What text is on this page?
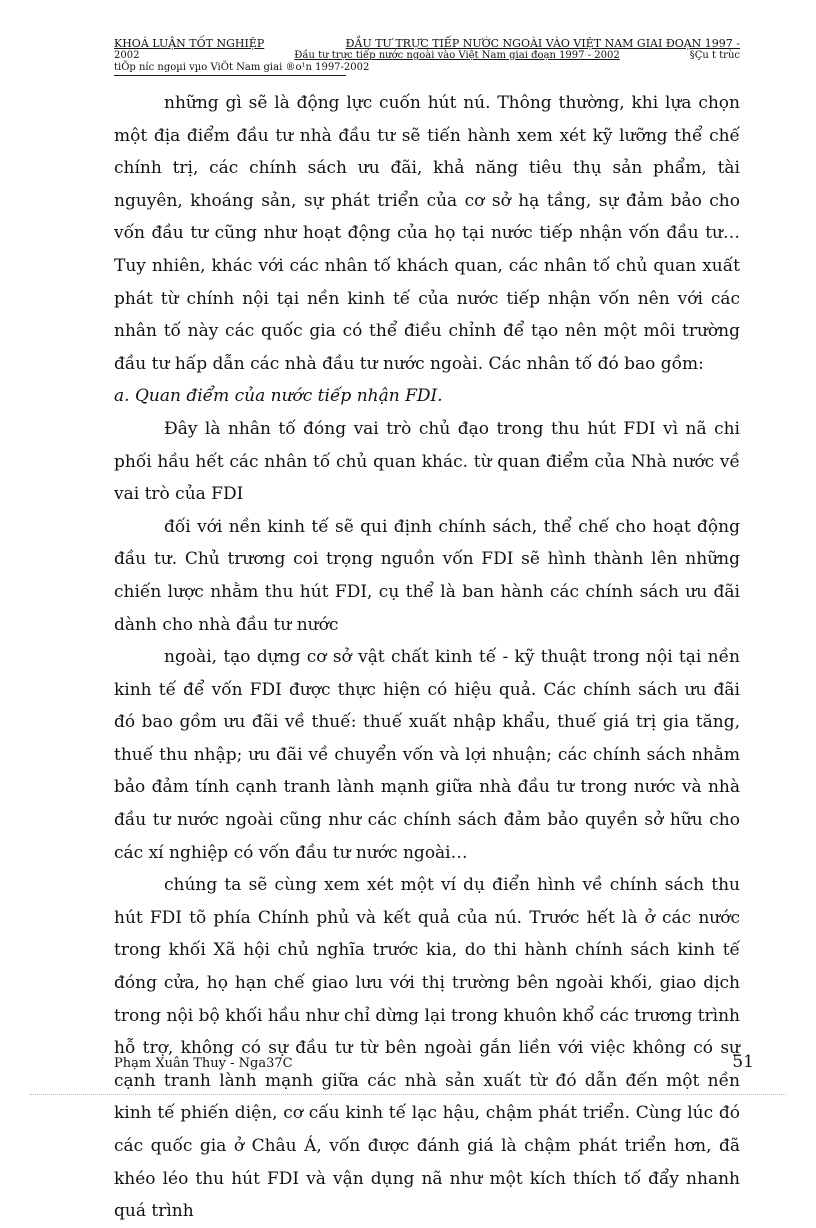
KHOÁ LUẬN TỐT NGHIỆP	ĐẦU TƯ TRỰC TIẾP NƯỚC NGOÀI VÀO VIỆT NAM GIAI ĐOẠN 1997 -
2002	Đầu tư trực tiếp nước ngoài vào Việt Nam giai đoạn 1997 - 2002	§Çu t trùc
tiÕp níc ngoµi vµo ViÖt Nam giai ®o¹n 1997-2002

những gì sẽ là động lực cuốn hút nú. Thông thường, khi lựa chọn một địa điểm đầu tư nhà đầu tư sẽ tiến hành xem xét kỹ lưỡng thể chế chính trị, các chính sách ưu đãi, khả năng tiêu thụ sản phẩm, tài nguyên, khoáng sản, sự phát triển của cơ sở hạ tầng, sự đảm bảo cho vốn đầu tư cũng như hoạt động của họ tại nước tiếp nhận vốn đầu tư… Tuy nhiên, khác với các nhân tố khách quan, các nhân tố chủ quan xuất phát từ chính nội tại nền kinh tế của nước tiếp nhận vốn nên với các nhân tố này các quốc gia có thể điều chỉnh để tạo nên một môi trường đầu tư hấp dẫn các nhà đầu tư nước ngoài. Các nhân tố đó bao gồm:

a. Quan điểm của nước tiếp nhận FDI.

Đây là nhân tố đóng vai trò chủ đạo trong thu hút FDI vì nã chi phối hầu hết các nhân tố chủ quan khác. từ quan điểm của Nhà nước về vai trò của FDI

đối với nền kinh tế sẽ qui định chính sách, thể chế cho hoạt động đầu tư. Chủ trương coi trọng nguồn vốn FDI sẽ hình thành lên những chiến lược nhằm thu hút FDI, cụ thể là ban hành các chính sách ưu đãi dành cho nhà đầu tư nước

ngoài, tạo dựng cơ sở vật chất kinh tế - kỹ thuật trong nội tại nền kinh tế để vốn FDI được thực hiện có hiệu quả. Các chính sách ưu đãi đó bao gồm ưu đãi về thuế: thuế xuất nhập khẩu, thuế giá trị gia tăng, thuế thu nhập; ưu đãi về chuyển vốn và lợi nhuận; các chính sách nhằm bảo đảm tính cạnh tranh lành mạnh giữa nhà đầu tư trong nước và nhà đầu tư nước ngoài cũng như các chính sách đảm bảo quyền sở hữu cho các xí nghiệp có vốn đầu tư nước ngoài…

chúng ta sẽ cùng xem xét một ví dụ điển hình về chính sách thu hút FDI tõ phía Chính phủ và kết quả của nú. Trước hết là ở các nước trong khối Xã hội chủ nghĩa trước kia, do thi hành chính sách kinh tế đóng cửa, họ hạn chế giao lưu với thị trường bên ngoài khối, giao dịch trong nội bộ khối hầu như chỉ dừng lại trong khuôn khổ các trương trình hỗ trợ, không có sự đầu tư từ bên ngoài gắn liền với việc không có sự cạnh tranh lành mạnh giữa các nhà sản xuất từ đó dẫn đến một nền kinh tế phiến diện, cơ cấu kinh tế lạc hậu, chậm phát triển. Cùng lúc đó các quốc gia ở Châu Á, vốn được đánh giá là chậm phát triển hơn, đã khéo léo thu hút FDI và vận dụng nã như một kích thích tố đẩy nhanh quá trình

Phạm Xuân Thuy - Nga37C	51
